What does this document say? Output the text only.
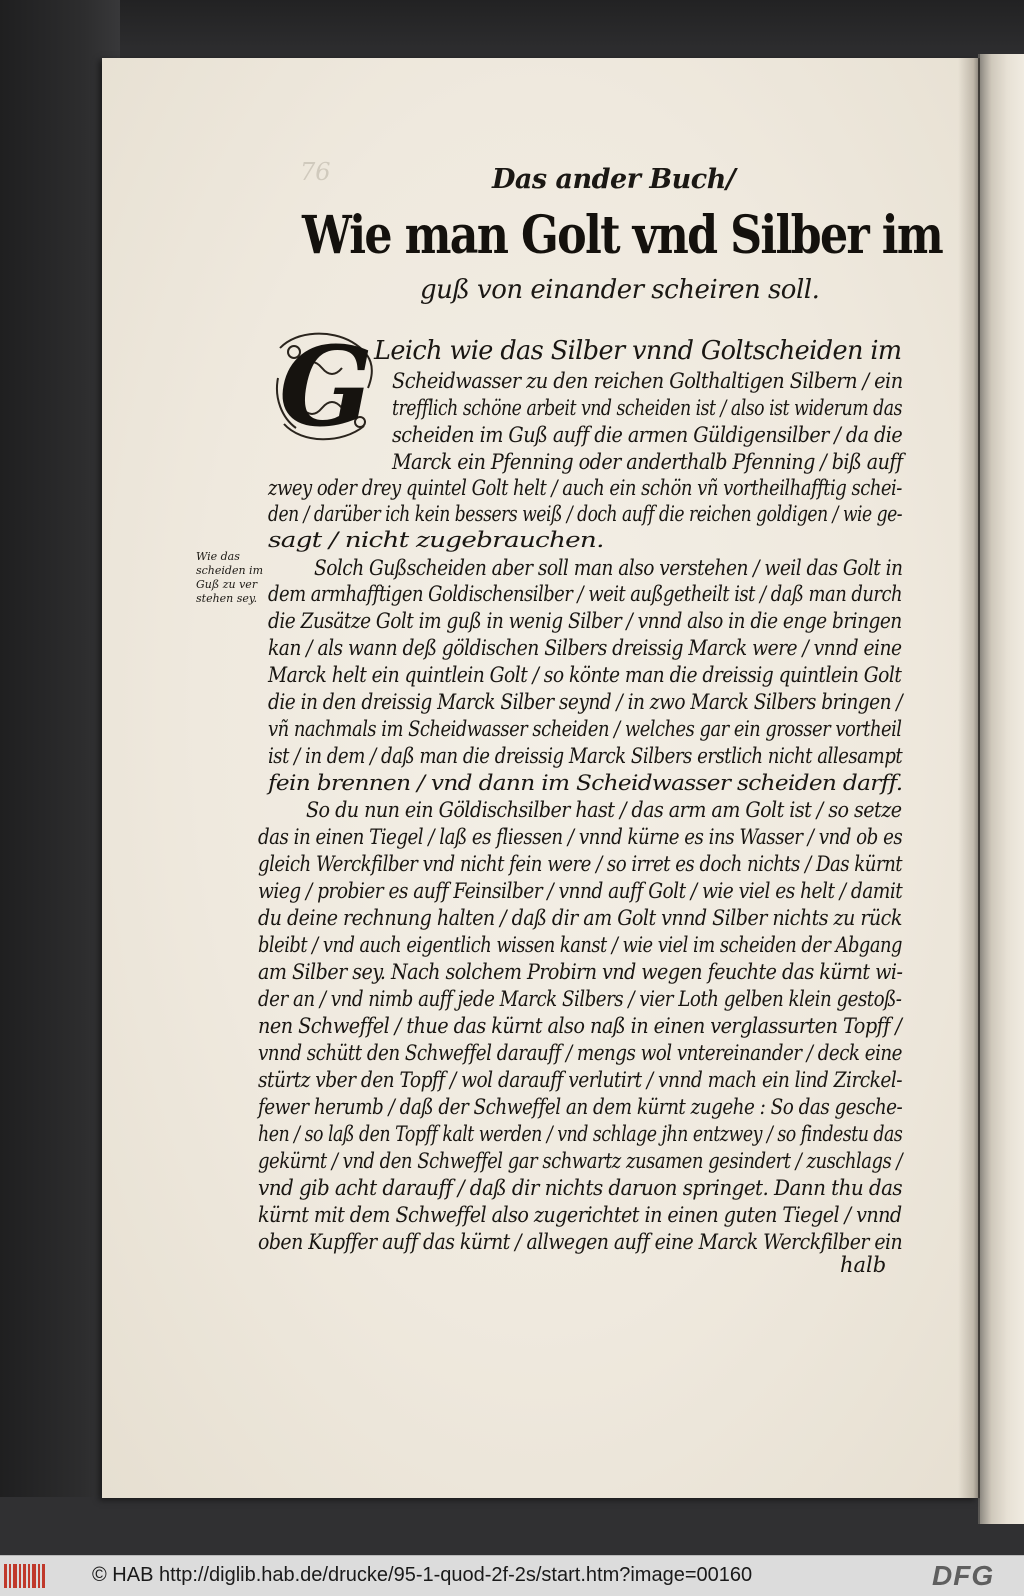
76	Das ander Buch/
Wie man Golt vnd Silber im
guß von einander scheiren soll.
G
Wie das
scheiden im
Guß zu ver
stehen sey.
Leich wie das Silber vnnd Goltscheiden im
Scheidwasser zu den reichen Golthaltigen Silbern / ein
trefflich schöne arbeit vnd scheiden ist / also ist widerum das
scheiden im Guß auff die armen Güldigensilber / da die
Marck ein Pfenning oder anderthalb Pfenning / biß auff
zwey oder drey quintel Golt helt / auch ein schön vñ vortheilhafftig schei-
den / darüber ich kein bessers weiß / doch auff die reichen goldigen / wie ge-
sagt / nicht zugebrauchen.
Solch Gußscheiden aber soll man also verstehen / weil das Golt in
dem armhafftigen Goldischensilber / weit außgetheilt ist / daß man durch
die Zusätze Golt im guß in wenig Silber / vnnd also in die enge bringen
kan / als wann deß göldischen Silbers dreissig Marck were / vnnd eine
Marck helt ein quintlein Golt / so könte man die dreissig quintlein Golt
die in den dreissig Marck Silber seynd / in zwo Marck Silbers bringen /
vñ nachmals im Scheidwasser scheiden / welches gar ein grosser vortheil
ist / in dem / daß man die dreissig Marck Silbers erstlich nicht allesampt
fein brennen / vnd dann im Scheidwasser scheiden darff.
So du nun ein Göldischsilber hast / das arm am Golt ist / so setze
das in einen Tiegel / laß es fliessen / vnnd kürne es ins Wasser / vnd ob es
gleich Werckfilber vnd nicht fein were / so irret es doch nichts / Das kürnt
wieg / probier es auff Feinsilber / vnnd auff Golt / wie viel es helt / damit
du deine rechnung halten / daß dir am Golt vnnd Silber nichts zu rück
bleibt / vnd auch eigentlich wissen kanst / wie viel im scheiden der Abgang
am Silber sey. Nach solchem Probirn vnd wegen feuchte das kürnt wi-
der an / vnd nimb auff jede Marck Silbers / vier Loth gelben klein gestoß-
nen Schweffel / thue das kürnt also naß in einen verglassurten Topff /
vnnd schütt den Schweffel darauff / mengs wol vntereinander / deck eine
stürtz vber den Topff / wol darauff verlutirt / vnnd mach ein lind Zirckel-
fewer herumb / daß der Schweffel an dem kürnt zugehe : So das gesche-
hen / so laß den Topff kalt werden / vnd schlage jhn entzwey / so findestu das
gekürnt / vnd den Schweffel gar schwartz zusamen gesindert / zuschlags /
vnd gib acht darauff / daß dir nichts daruon springet. Dann thu das
kürnt mit dem Schweffel also zugerichtet in einen guten Tiegel / vnnd
oben Kupffer auff das kürnt / allwegen auff eine Marck Werckfilber ein
halb
© HAB http://diglib.hab.de/drucke/95-1-quod-2f-2s/start.htm?image=00160	DFG
